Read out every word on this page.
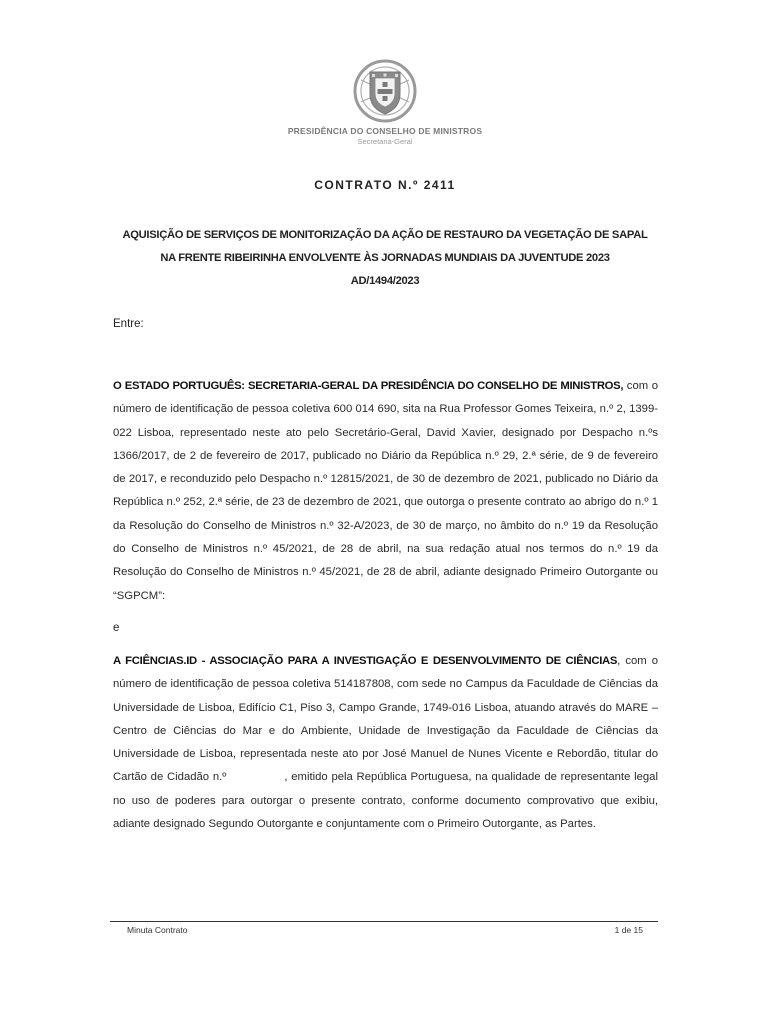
PRESIDÊNCIA DO CONSELHO DE MINISTROS
Secretaria-Geral
CONTRATO N.º 2411
AQUISIÇÃO DE SERVIÇOS DE MONITORIZAÇÃO DA AÇÃO DE RESTAURO DA VEGETAÇÃO DE SAPAL
NA FRENTE RIBEIRINHA ENVOLVENTE ÀS JORNADAS MUNDIAIS DA JUVENTUDE 2023
AD/1494/2023
Entre:
O ESTADO PORTUGUÊS: SECRETARIA-GERAL DA PRESIDÊNCIA DO CONSELHO DE MINISTROS, com o número de identificação de pessoa coletiva 600 014 690, sita na Rua Professor Gomes Teixeira, n.º 2, 1399-022 Lisboa, representado neste ato pelo Secretário-Geral, David Xavier, designado por Despacho n.ºs 1366/2017, de 2 de fevereiro de 2017, publicado no Diário da República n.º 29, 2.ª série, de 9 de fevereiro de 2017, e reconduzido pelo Despacho n.º 12815/2021, de 30 de dezembro de 2021, publicado no Diário da República n.º 252, 2.ª série, de 23 de dezembro de 2021, que outorga o presente contrato ao abrigo do n.º 1 da Resolução do Conselho de Ministros n.º 32-A/2023, de 30 de março, no âmbito do n.º 19 da Resolução do Conselho de Ministros n.º 45/2021, de 28 de abril, na sua redação atual nos termos do n.º 19 da Resolução do Conselho de Ministros n.º 45/2021, de 28 de abril, adiante designado Primeiro Outorgante ou “SGPCM”:
e
A FCIÊNCIAS.ID - ASSOCIAÇÃO PARA A INVESTIGAÇÃO E DESENVOLVIMENTO DE CIÊNCIAS, com o número de identificação de pessoa coletiva 514187808, com sede no Campus da Faculdade de Ciências da Universidade de Lisboa, Edifício C1, Piso 3, Campo Grande, 1749-016 Lisboa, atuando através do MARE – Centro de Ciências do Mar e do Ambiente, Unidade de Investigação da Faculdade de Ciências da Universidade de Lisboa, representada neste ato por José Manuel de Nunes Vicente e Rebordão, titular do Cartão de Cidadão n.º	, emitido pela República Portuguesa, na qualidade de representante legal no uso de poderes para outorgar o presente contrato, conforme documento comprovativo que exibiu, adiante designado Segundo Outorgante e conjuntamente com o Primeiro Outorgante, as Partes.
Minuta Contrato	1 de 15
